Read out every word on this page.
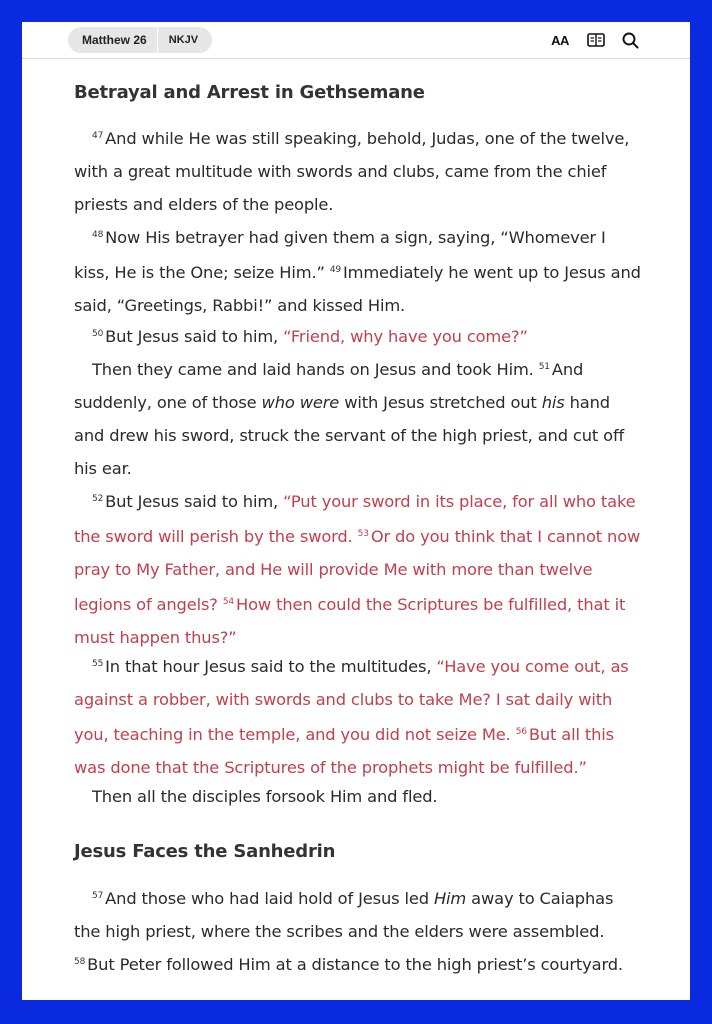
Matthew 26	NKJV	AA
Betrayal and Arrest in Gethsemane

$^{47}$ And while He was still speaking, behold, Judas, one of the twelve, with a great multitude with swords and clubs, came from the chief priests and elders of the people.

$^{48}$ Now His betrayer had given them a sign, saying, “Whomever I kiss, He is the One; seize Him.” $^{49}$ Immediately he went up to Jesus and said, “Greetings, Rabbi!” and kissed Him.

$^{50}$ But Jesus said to him, “Friend, why have you come?”

Then they came and laid hands on Jesus and took Him. $^{51}$ And suddenly, one of those who were with Jesus stretched out his hand and drew his sword, struck the servant of the high priest, and cut off his ear.

$^{52}$ But Jesus said to him, “Put your sword in its place, for all who take the sword will perish by the sword. $^{53}$ Or do you think that I cannot now pray to My Father, and He will provide Me with more than twelve legions of angels? $^{54}$ How then could the Scriptures be fulfilled, that it must happen thus?”

$^{55}$ In that hour Jesus said to the multitudes, “Have you come out, as against a robber, with swords and clubs to take Me? I sat daily with you, teaching in the temple, and you did not seize Me. $^{56}$ But all this was done that the Scriptures of the prophets might be fulfilled.”

Then all the disciples forsook Him and fled.

Jesus Faces the Sanhedrin

$^{57}$ And those who had laid hold of Jesus led Him away to Caiaphas the high priest, where the scribes and the elders were assembled.

$^{58}$ But Peter followed Him at a distance to the high priest’s courtyard.
